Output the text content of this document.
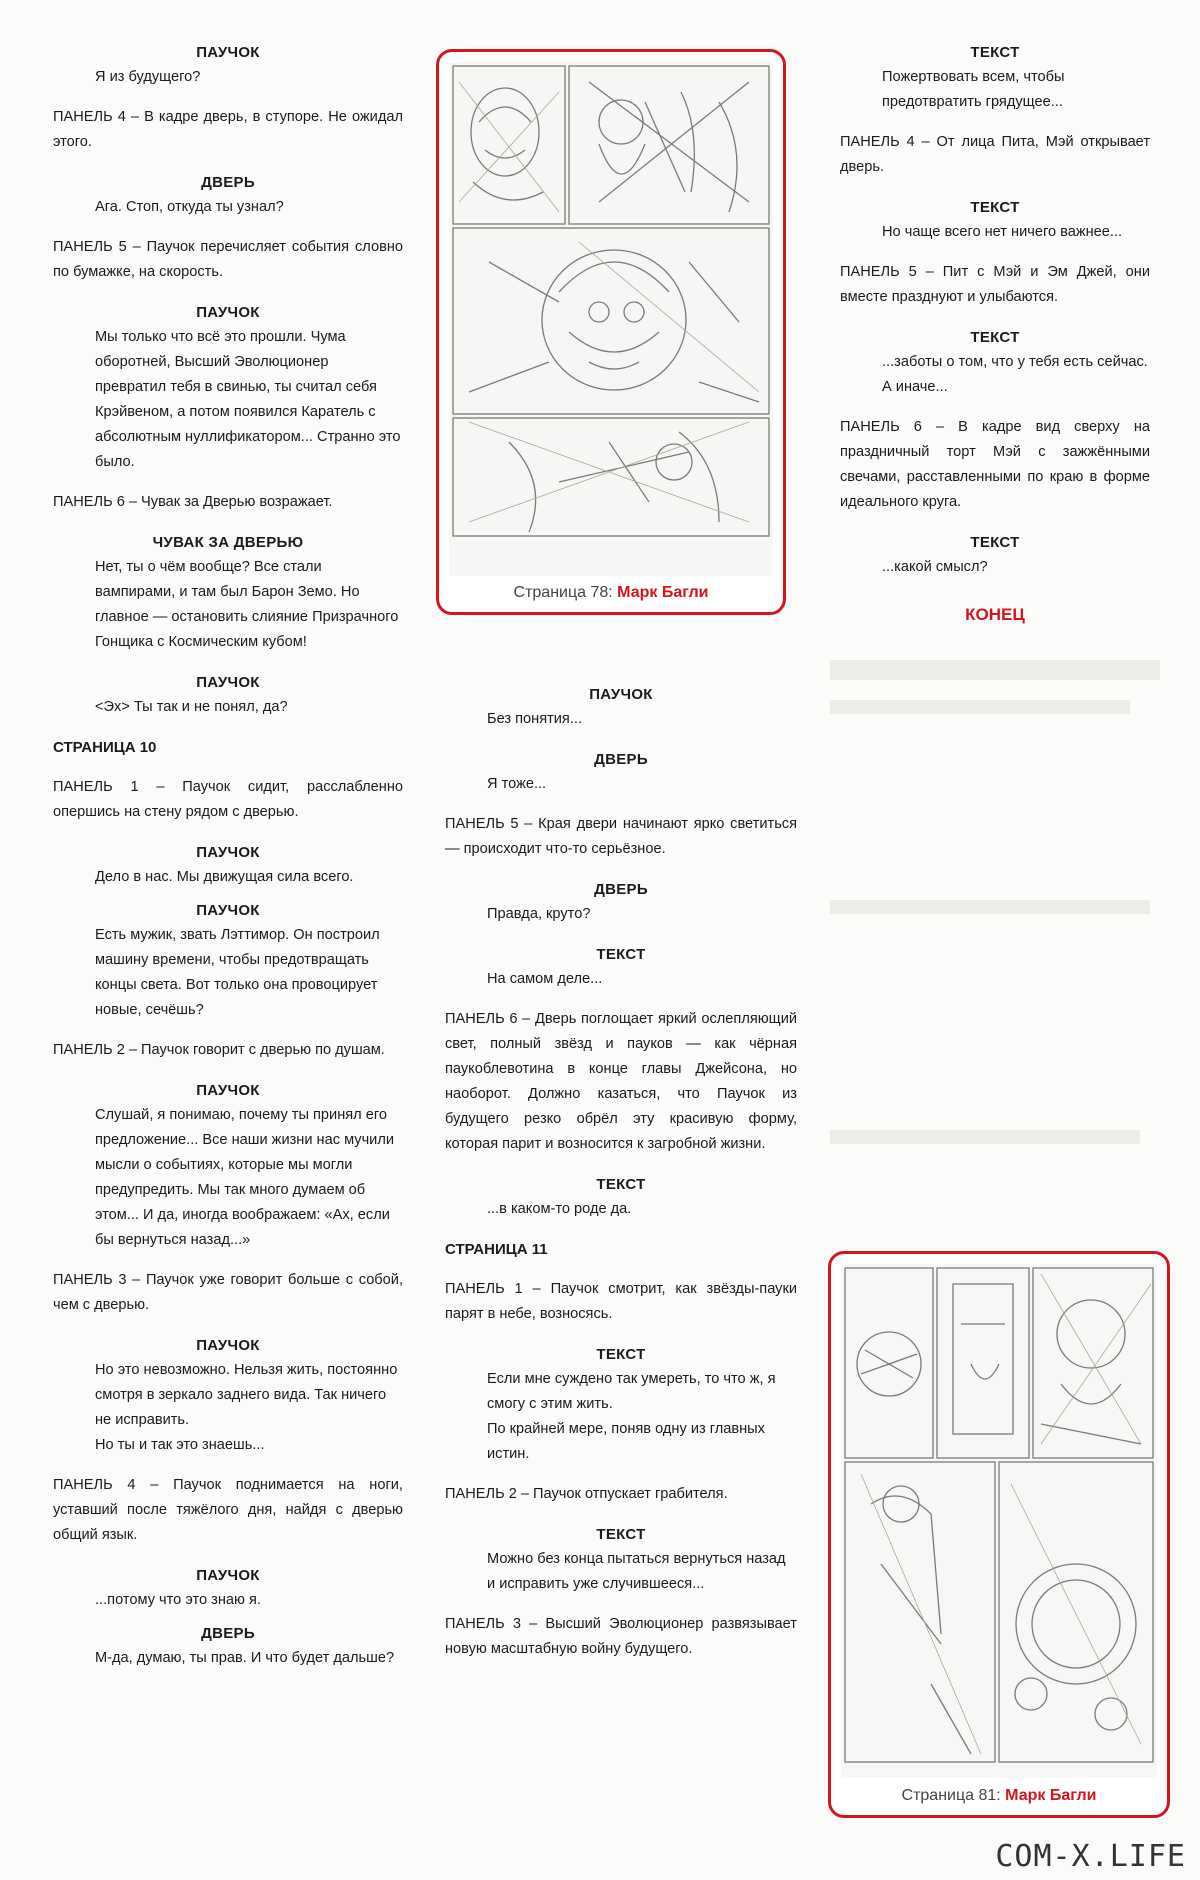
ПАУЧОК
Я из будущего?
ПАНЕЛЬ 4 – В кадре дверь, в ступоре. Не ожидал этого.
ДВЕРЬ
Ага. Стоп, откуда ты узнал?
ПАНЕЛЬ 5 – Паучок перечисляет события словно по бумажке, на скорость.
ПАУЧОК
Мы только что всё это прошли. Чума оборотней, Высший Эволюционер превратил тебя в свинью, ты считал себя Крэйвеном, а потом появился Каратель с абсолютным нуллификатором... Странно это было.
ПАНЕЛЬ 6 – Чувак за Дверью возражает.
ЧУВАК ЗА ДВЕРЬЮ
Нет, ты о чём вообще? Все стали вампирами, и там был Барон Земо. Но главное — остановить слияние Призрачного Гонщика с Космическим кубом!
ПАУЧОК
<Эх> Ты так и не понял, да?
СТРАНИЦА 10
ПАНЕЛЬ 1 – Паучок сидит, расслабленно опершись на стену рядом с дверью.
ПАУЧОК
Дело в нас. Мы движущая сила всего.
ПАУЧОК
Есть мужик, звать Лэттимор. Он построил машину времени, чтобы предотвращать концы света. Вот только она провоцирует новые, сечёшь?
ПАНЕЛЬ 2 – Паучок говорит с дверью по душам.
ПАУЧОК
Слушай, я понимаю, почему ты принял его предложение... Все наши жизни нас мучили мысли о событиях, которые мы могли предупредить. Мы так много думаем об этом... И да, иногда воображаем: «Ах, если бы вернуться назад...»
ПАНЕЛЬ 3 – Паучок уже говорит больше с собой, чем с дверью.
ПАУЧОК
Но это невозможно. Нельзя жить, постоянно смотря в зеркало заднего вида. Так ничего не исправить.
Но ты и так это знаешь...
ПАНЕЛЬ 4 – Паучок поднимается на ноги, уставший после тяжёлого дня, найдя с дверью общий язык.
ПАУЧОК
...потому что это знаю я.
ДВЕРЬ
М-да, думаю, ты прав. И что будет дальше?
ПАУЧОК
Без понятия...
ДВЕРЬ
Я тоже...
ПАНЕЛЬ 5 – Края двери начинают ярко светиться — происходит что-то серьёзное.
ДВЕРЬ
Правда, круто?
ТЕКСТ
На самом деле...
ПАНЕЛЬ 6 – Дверь поглощает яркий ослепляющий свет, полный звёзд и пауков — как чёрная паукоблевотина в конце главы Джейсона, но наоборот. Должно казаться, что Паучок из будущего резко обрёл эту красивую форму, которая парит и возносится к загробной жизни.
ТЕКСТ
...в каком-то роде да.
СТРАНИЦА 11
ПАНЕЛЬ 1 – Паучок смотрит, как звёзды-пауки парят в небе, возносясь.
ТЕКСТ
Если мне суждено так умереть, то что ж, я смогу с этим жить.
По крайней мере, поняв одну из главных истин.
ПАНЕЛЬ 2 – Паучок отпускает грабителя.
ТЕКСТ
Можно без конца пытаться вернуться назад и исправить уже случившееся...
ПАНЕЛЬ 3 – Высший Эволюционер развязывает новую масштабную войну будущего.
ТЕКСТ
Пожертвовать всем, чтобы предотвратить грядущее...
ПАНЕЛЬ 4 – От лица Пита, Мэй открывает дверь.
ТЕКСТ
Но чаще всего нет ничего важнее...
ПАНЕЛЬ 5 – Пит с Мэй и Эм Джей, они вместе празднуют и улыбаются.
ТЕКСТ
...заботы о том, что у тебя есть сейчас.
А иначе...
ПАНЕЛЬ 6 – В кадре вид сверху на праздничный торт Мэй с зажжёнными свечами, расставленными по краю в форме идеального круга.
ТЕКСТ
...какой смысл?
КОНЕЦ
Страница 78: Марк Багли
Страница 81: Марк Багли
COM-X.LIFE
